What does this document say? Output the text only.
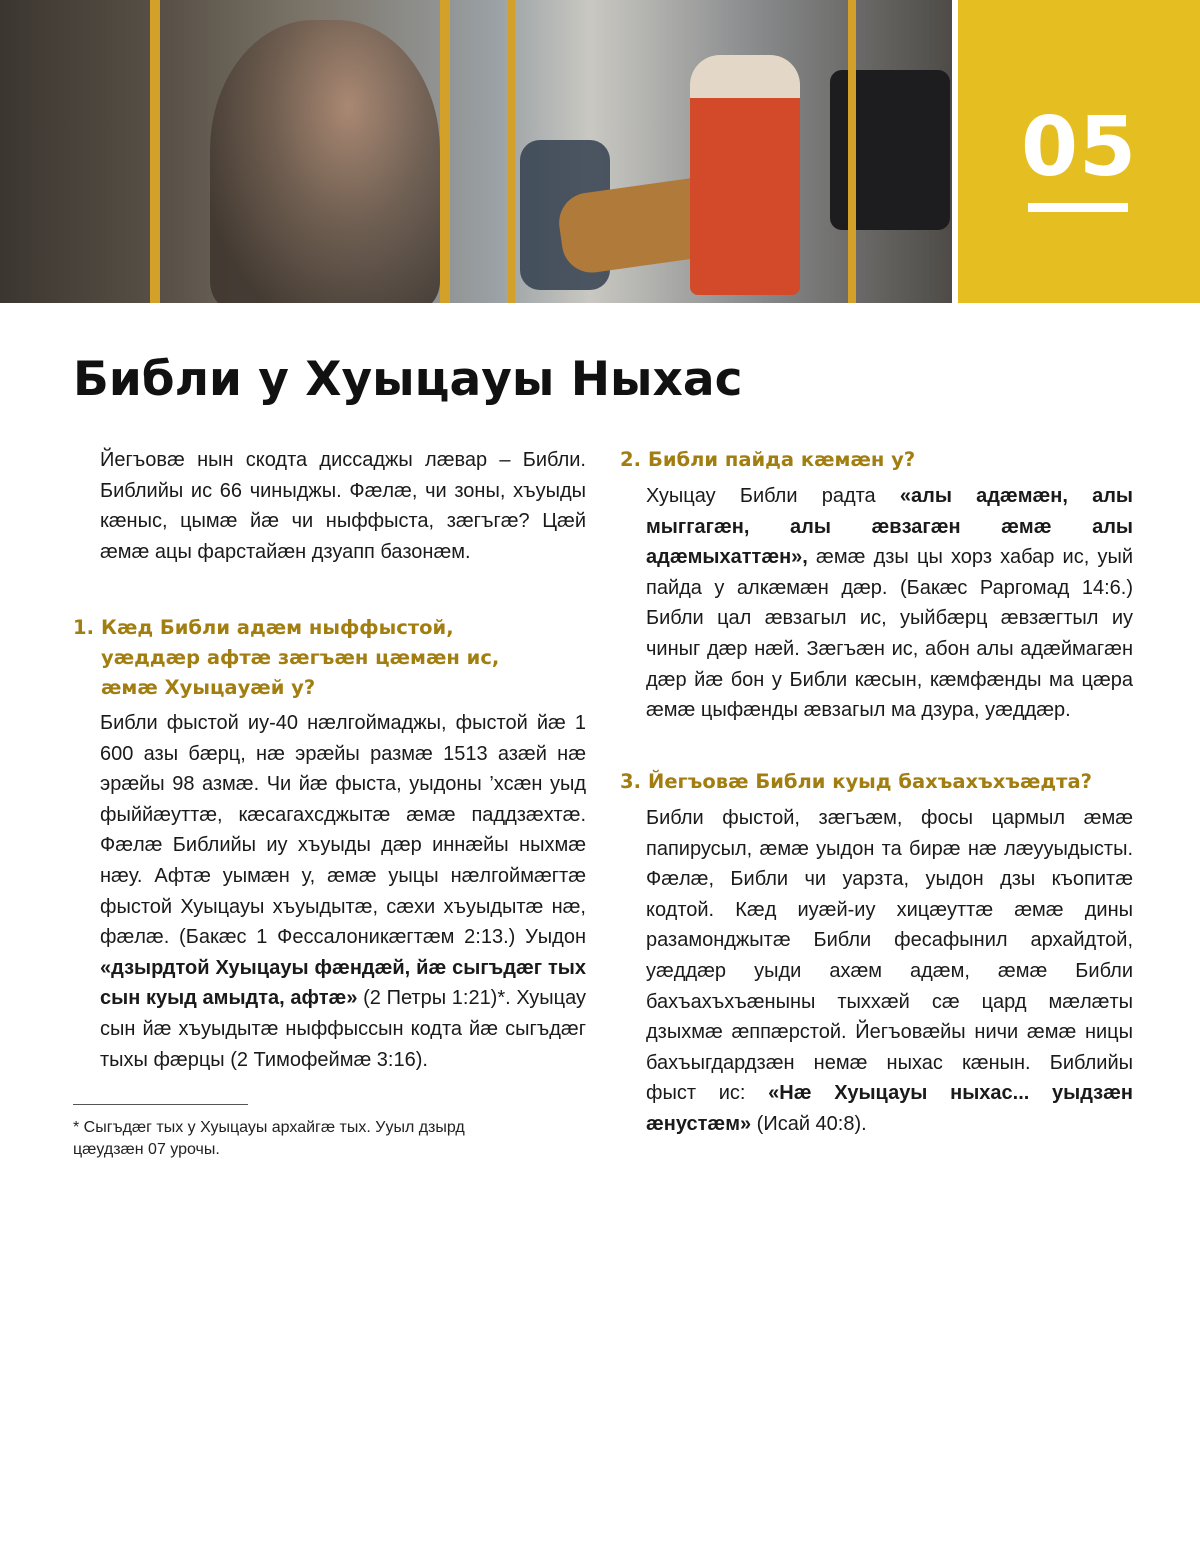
05
Библи у Хуыцауы Ныхас

Йегъовæ нын скодта диссаджы лæвар – Библи. Библийы ис 66 чиныджы. Фæлæ, чи зоны, хъуыды кæныс, цымæ йæ чи ныффыста, зæгъгæ? Цæй æмæ ацы фарстайæн дзуапп базонæм.

1. Кæд Библи адæм ныффыстой,
уæддæр афтæ зæгъæн цæмæн ис,
æмæ Хуыцауæй у?

Библи фыстой иу-40 нæлгоймаджы, фыстой йæ 1 600 азы бæрц, нæ эрæйы размæ 1513 азæй нæ эрæйы 98 азмæ. Чи йæ фыста, уыдоны ’хсæн уыд фыййæуттæ, кæсагахсджытæ æмæ паддзæхтæ. Фæлæ Библийы иу хъуыды дæр иннæйы ныхмæ нæу. Афтæ уымæн у, æмæ уыцы нæлгоймæгтæ фыстой Хуыцауы хъуыдытæ, сæхи хъуыдытæ нæ, фæлæ. (Бакæс 1 Фессалоникæгтæм 2:13.) Уыдон «дзырдтой Хуыцауы фæндæй, йæ сыгъдæг тых сын куыд амыдта, афтæ» (2 Петры 1:21)*. Хуыцау сын йæ хъуыдытæ ныффыссын кодта йæ сыгъдæг тыхы фæрцы (2 Тимофеймæ 3:16).

* Сыгъдæг тых у Хуыцауы архайгæ тых. Ууыл дзырд цæудзæн 07 урочы.

2. Библи пайда кæмæн у?

Хуыцау Библи радта «алы адæмæн, алы мыггагæн, алы æвзагæн æмæ алы адæмыхаттæн», æмæ дзы цы хорз хабар ис, уый пайда у алкæмæн дæр. (Бакæс Раргомад 14:6.) Библи цал æвзагыл ис, уыйбæрц æвзæгтыл иу чиныг дæр нæй. Зæгъæн ис, абон алы адæймагæн дæр йæ бон у Библи кæсын, кæмфæнды ма цæра æмæ цыфæнды æвзагыл ма дзура, уæддæр.

3. Йегъовæ Библи куыд бахъахъхъæдта?

Библи фыстой, зæгъæм, фосы цармыл æмæ папирусыл, æмæ уыдон та бирæ нæ лæууыдысты. Фæлæ, Библи чи уарзта, уыдон дзы къопитæ кодтой. Кæд иуæй-иу хицæуттæ æмæ дины разамонджытæ Библи фесафынил архайдтой, уæддæр уыди ахæм адæм, æмæ Библи бахъахъхъæныны тыххæй сæ цард мæлæты дзыхмæ æппæрстой. Йегъовæйы ничи æмæ ницы бахъыгдардзæн немæ ныхас кæнын. Библийы фыст ис: «Нæ Хуыцауы ныхас... уыдзæн æнустæм» (Исай 40:8).
